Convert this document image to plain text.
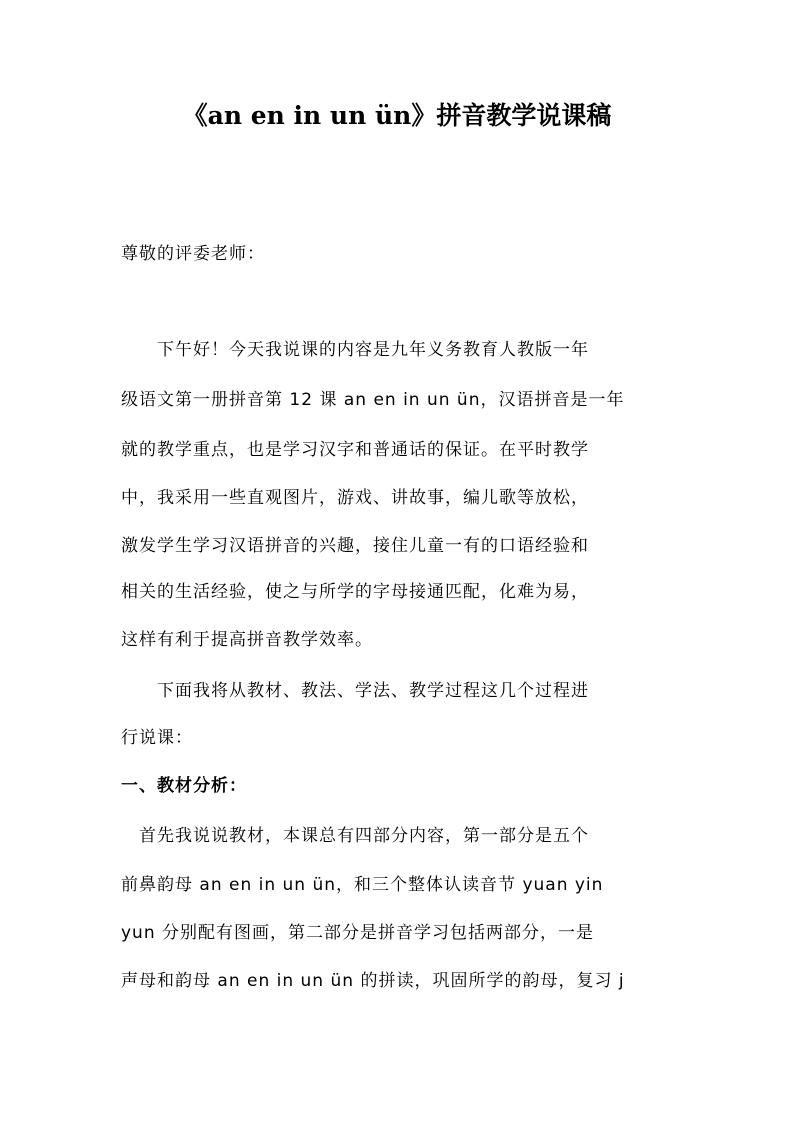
《an en in un ün》拼音教学说课稿
尊敬的评委老师：
　　下午好！今天我说课的内容是九年义务教育人教版一年
级语文第一册拼音第 12 课 an en in un ün，汉语拼音是一年
就的教学重点，也是学习汉字和普通话的保证。在平时教学
中，我采用一些直观图片，游戏、讲故事，编儿歌等放松，
激发学生学习汉语拼音的兴趣，接住儿童一有的口语经验和
相关的生活经验，使之与所学的字母接通匹配，化难为易，
这样有利于提高拼音教学效率。
　　下面我将从教材、教法、学法、教学过程这几个过程进
行说课：
一、教材分析：
　首先我说说教材，本课总有四部分内容，第一部分是五个
前鼻韵母 an en in un ün，和三个整体认读音节 yuan yin
yun 分别配有图画，第二部分是拼音学习包括两部分，一是
声母和韵母 an en in un ün 的拼读，巩固所学的韵母，复习 j
